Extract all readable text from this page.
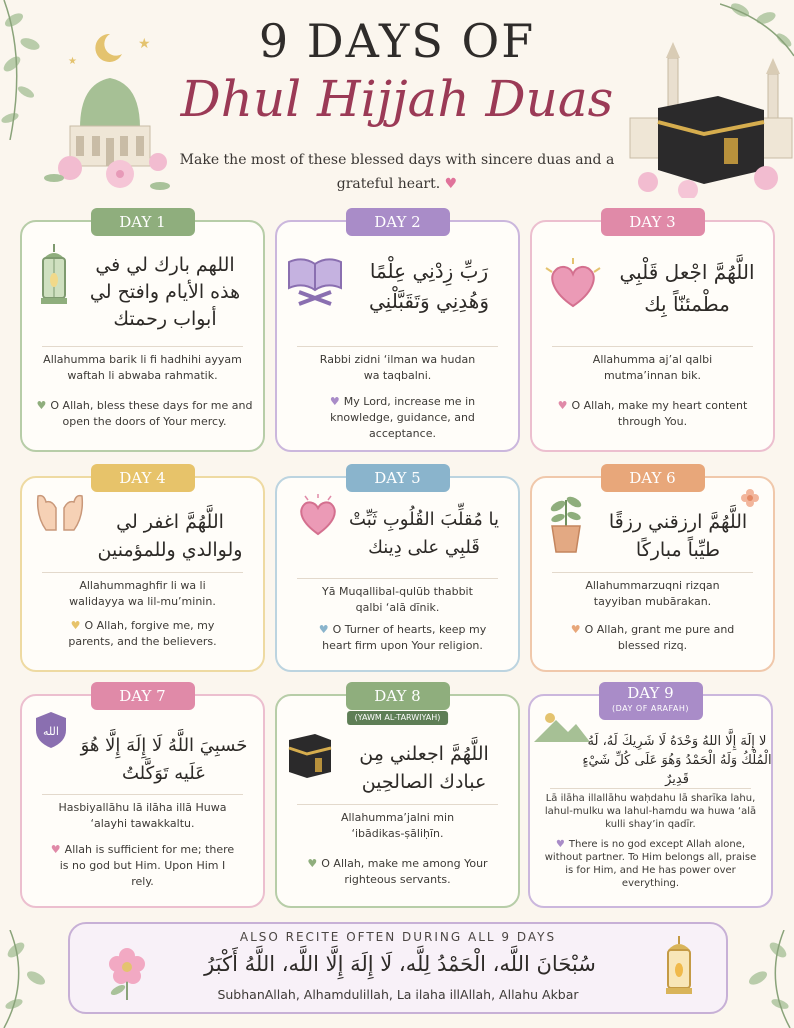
★
★	9 DAYS OF
Dhul Hijjah Duas
Make the most of these blessed days with sincere duas and a grateful heart. ♥
DAY 1
اللهم بارك لي في هذه الأيام وافتح لي أبواب رحمتك
Allahumma barik li fi hadhihi ayyam waftah li abwaba rahmatik.
♥ O Allah, bless these days for me and open the doors of Your mercy.
DAY 2
رَبِّ زِدْنِي عِلْمًا وَهُدِنِي وَتَقَبَّلْنِي
Rabbi zidni ‘ilman wa hudan wa taqbalni.
♥ My Lord, increase me in knowledge, guidance, and acceptance.
DAY 3
اللَّهُمَّ اجْعل قَلْبِي مطْمئنّاً بِك
Allahumma aj’al qalbi mutma’innan bik.
♥ O Allah, make my heart content through You.
DAY 4
اللَّهُمَّ اغفر لي ولوالدي وللمؤمنين
Allahummaghfir li wa li walidayya wa lil-mu’minin.
♥ O Allah, forgive me, my parents, and the believers.
DAY 5
يا مُقلِّبَ القُلُوبِ ثَبِّتْ قَلبِي على دِينك
Yā Muqallibal-qulūb thabbit qalbi ‘alā dīnik.
♥ O Turner of hearts, keep my heart firm upon Your religion.
DAY 6
اللَّهُمَّ ارزقني رزقًا طيِّباً مباركًا
Allahummarzuqni rizqan tayyiban mubārakan.
♥ O Allah, grant me pure and blessed rizq.
DAY 7
الله
حَسبِيَ اللَّهُ لَا إِلَهَ إِلَّا هُوَ عَلَيه تَوَكَّلتُ
Hasbiyallāhu lā ilāha illā Huwa ‘alayhi tawakkaltu.
♥ Allah is sufficient for me; there is no god but Him. Upon Him I rely.
DAY 8
(YAWM AL-TARWIYAH)
اللَّهُمَّ اجعلني مِن عبادك الصالحِين
Allahumma’jalni min ‘ibādikas-ṣāliḥīn.
♥ O Allah, make me among Your righteous servants.
DAY 9
(DAY OF ARAFAH)
لا إِلَهَ إِلَّا اللهُ وَحْدَهُ لَا شَرِيكَ لَهُ، لَهُ الْمُلْكُ وَلَهُ الْحَمْدُ وَهُوَ عَلَى كُلِّ شَيْءٍ قَدِيرٌ
Lā ilāha illallāhu waḥdahu lā sharīka lahu, lahul-mulku wa lahul-hamdu wa huwa ‘alā kulli shay’in qadīr.
♥ There is no god except Allah alone, without partner. To Him belongs all, praise is for Him, and He has power over everything.
ALSO RECITE OFTEN DURING ALL 9 DAYS
سُبْحَانَ اللَّه، الْحَمْدُ لِلَّه، لَا إِلَهَ إِلَّا اللَّه، اللَّهُ أَكْبَرُ
SubhanAllah, Alhamdulillah, La ilaha illAllah, Allahu Akbar
